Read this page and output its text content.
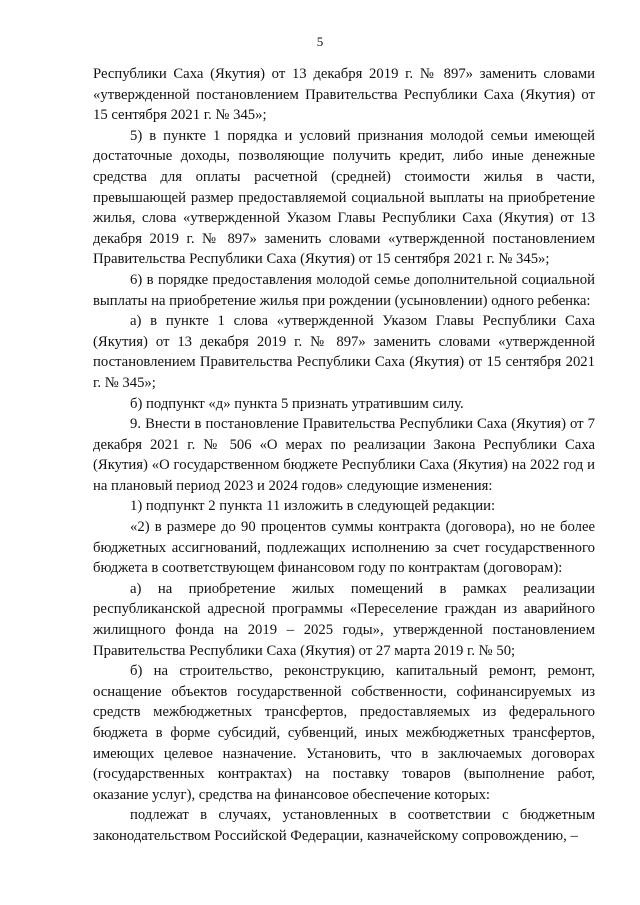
5

Республики Саха (Якутия) от 13 декабря 2019 г. № 897» заменить словами «утвержденной постановлением Правительства Республики Саха (Якутия) от 15 сентября 2021 г. № 345»;

5) в пункте 1 порядка и условий признания молодой семьи имеющей достаточные доходы, позволяющие получить кредит, либо иные денежные средства для оплаты расчетной (средней) стоимости жилья в части, превышающей размер предоставляемой социальной выплаты на приобретение жилья, слова «утвержденной Указом Главы Республики Саха (Якутия) от 13 декабря 2019 г. № 897» заменить словами «утвержденной постановлением Правительства Республики Саха (Якутия) от 15 сентября 2021 г. № 345»;

6) в порядке предоставления молодой семье дополнительной социальной выплаты на приобретение жилья при рождении (усыновлении) одного ребенка:

а) в пункте 1 слова «утвержденной Указом Главы Республики Саха (Якутия) от 13 декабря 2019 г. № 897» заменить словами «утвержденной постановлением Правительства Республики Саха (Якутия) от 15 сентября 2021 г. № 345»;

б) подпункт «д» пункта 5 признать утратившим силу.

9. Внести в постановление Правительства Республики Саха (Якутия) от 7 декабря 2021 г. № 506 «О мерах по реализации Закона Республики Саха (Якутия) «О государственном бюджете Республики Саха (Якутия) на 2022 год и на плановый период 2023 и 2024 годов» следующие изменения:

1) подпункт 2 пункта 11 изложить в следующей редакции:

«2) в размере до 90 процентов суммы контракта (договора), но не более бюджетных ассигнований, подлежащих исполнению за счет государственного бюджета в соответствующем финансовом году по контрактам (договорам):

а) на приобретение жилых помещений в рамках реализации республиканской адресной программы «Переселение граждан из аварийного жилищного фонда на 2019 – 2025 годы», утвержденной постановлением Правительства Республики Саха (Якутия) от 27 марта 2019 г. № 50;

б) на строительство, реконструкцию, капитальный ремонт, ремонт, оснащение объектов государственной собственности, софинансируемых из средств межбюджетных трансфертов, предоставляемых из федерального бюджета в форме субсидий, субвенций, иных межбюджетных трансфертов, имеющих целевое назначение. Установить, что в заключаемых договорах (государственных контрактах) на поставку товаров (выполнение работ, оказание услуг), средства на финансовое обеспечение которых:

подлежат в случаях, установленных в соответствии с бюджетным законодательством Российской Федерации, казначейскому сопровождению, –
